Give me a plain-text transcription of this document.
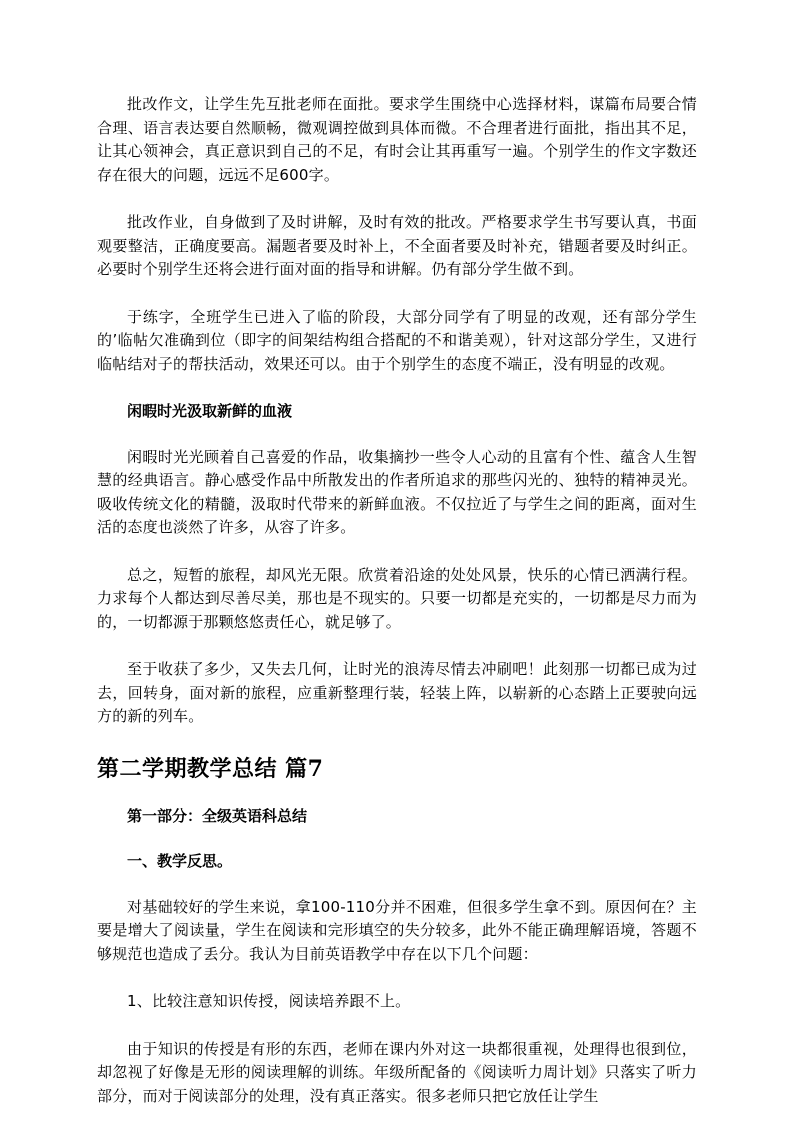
批改作文，让学生先互批老师在面批。要求学生围绕中心选择材料，谋篇布局要合情合理、语言表达要自然顺畅，微观调控做到具体而微。不合理者进行面批，指出其不足，让其心领神会，真正意识到自己的不足，有时会让其再重写一遍。个别学生的作文字数还存在很大的问题，远远不足600字。

批改作业，自身做到了及时讲解，及时有效的批改。严格要求学生书写要认真，书面观要整洁，正确度要高。漏题者要及时补上，不全面者要及时补充，错题者要及时纠正。必要时个别学生还将会进行面对面的指导和讲解。仍有部分学生做不到。

于练字，全班学生已进入了临的阶段，大部分同学有了明显的改观，还有部分学生的’临帖欠准确到位（即字的间架结构组合搭配的不和谐美观），针对这部分学生，又进行临帖结对子的帮扶活动，效果还可以。由于个别学生的态度不端正，没有明显的改观。

闲暇时光汲取新鲜的血液

闲暇时光光顾着自己喜爱的作品，收集摘抄一些令人心动的且富有个性、蕴含人生智慧的经典语言。静心感受作品中所散发出的作者所追求的那些闪光的、独特的精神灵光。吸收传统文化的精髓，汲取时代带来的新鲜血液。不仅拉近了与学生之间的距离，面对生活的态度也淡然了许多，从容了许多。

总之，短暂的旅程，却风光无限。欣赏着沿途的处处风景，快乐的心情已洒满行程。力求每个人都达到尽善尽美，那也是不现实的。只要一切都是充实的，一切都是尽力而为的，一切都源于那颗悠悠责任心，就足够了。

至于收获了多少，又失去几何，让时光的浪涛尽情去冲刷吧！此刻那一切都已成为过去，回转身，面对新的旅程，应重新整理行装，轻装上阵，以崭新的心态踏上正要驶向远方的新的列车。

第二学期教学总结 篇7

第一部分：全级英语科总结

一、教学反思。

对基础较好的学生来说，拿100-110分并不困难，但很多学生拿不到。原因何在？主要是增大了阅读量，学生在阅读和完形填空的失分较多，此外不能正确理解语境，答题不够规范也造成了丢分。我认为目前英语教学中存在以下几个问题：

1、比较注意知识传授，阅读培养跟不上。

由于知识的传授是有形的东西，老师在课内外对这一块都很重视，处理得也很到位，却忽视了好像是无形的阅读理解的训练。年级所配备的《阅读听力周计划》只落实了听力部分，而对于阅读部分的处理，没有真正落实。很多老师只把它放任让学生
